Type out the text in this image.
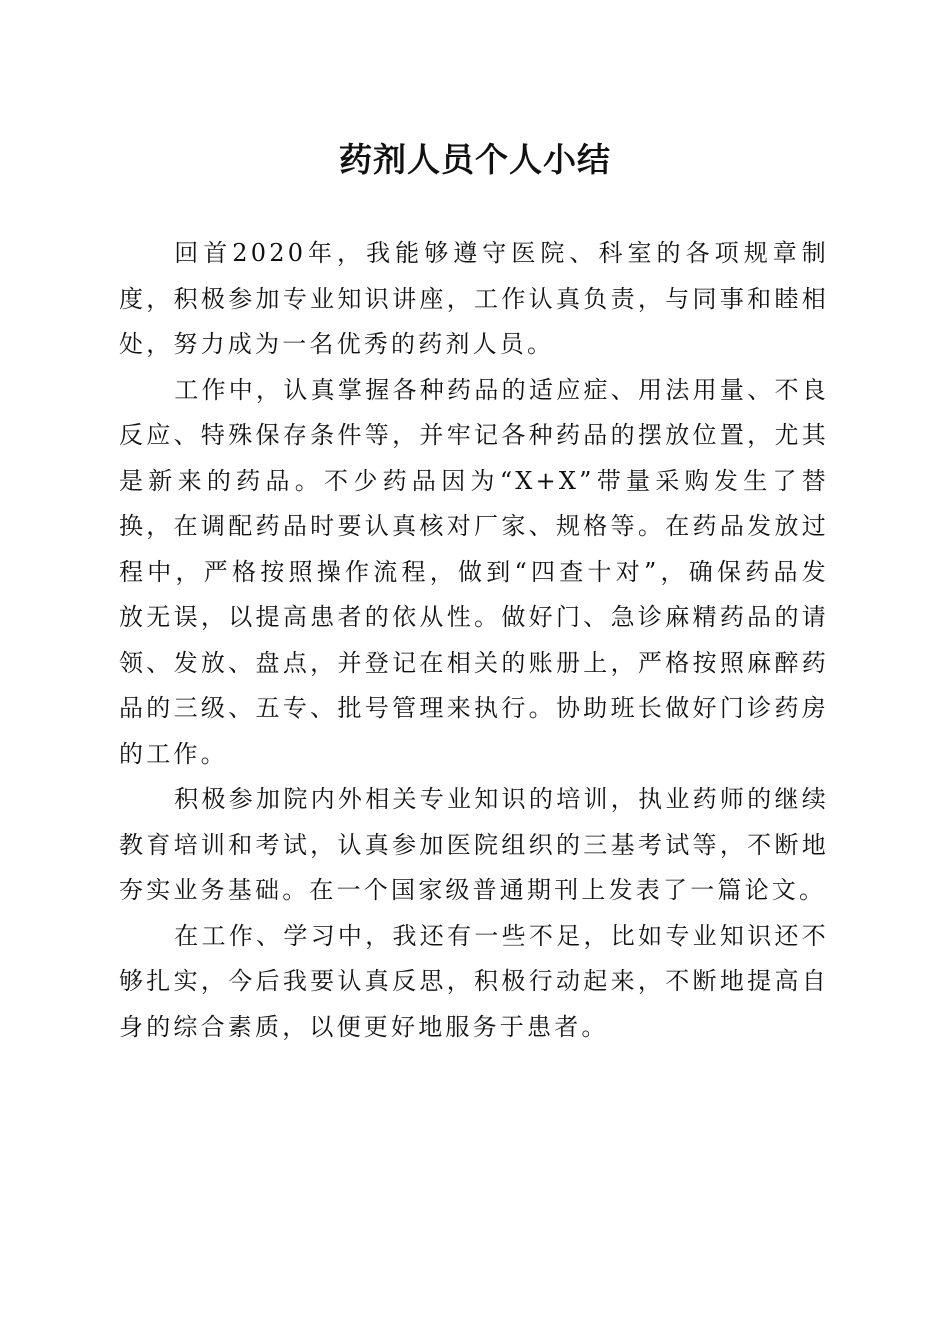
药剂人员个人小结

回首2020年，我能够遵守医院、科室的各项规章制度，积极参加专业知识讲座，工作认真负责，与同事和睦相处，努力成为一名优秀的药剂人员。

工作中，认真掌握各种药品的适应症、用法用量、不良反应、特殊保存条件等，并牢记各种药品的摆放位置，尤其是新来的药品。不少药品因为“X+X”带量采购发生了替换，在调配药品时要认真核对厂家、规格等。在药品发放过程中，严格按照操作流程，做到“四查十对”，确保药品发放无误，以提高患者的依从性。做好门、急诊麻精药品的请领、发放、盘点，并登记在相关的账册上，严格按照麻醉药品的三级、五专、批号管理来执行。协助班长做好门诊药房的工作。

积极参加院内外相关专业知识的培训，执业药师的继续教育培训和考试，认真参加医院组织的三基考试等，不断地夯实业务基础。在一个国家级普通期刊上发表了一篇论文。

在工作、学习中，我还有一些不足，比如专业知识还不够扎实，今后我要认真反思，积极行动起来，不断地提高自身的综合素质，以便更好地服务于患者。
